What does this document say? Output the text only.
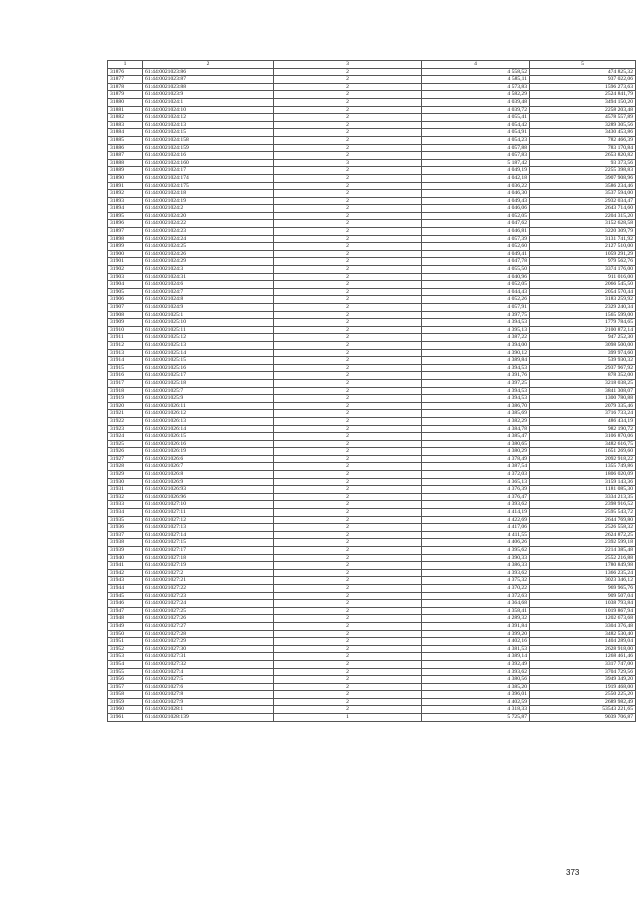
1	2	3	4	5
31876	61:44:0021023:86	2	4 558,52	474 825,32
31877	61:44:0021023:87	2	4 585,11	937 022,06
31878	61:44:0021023:88	2	4 573,83	1596 273,63
31879	61:44:0021023:9	2	4 582,29	2524 841,79
31880	61:44:0021024:1	2	4 039,48	3494 150,20
31881	61:44:0021024:10	2	4 039,72	2258 203,48
31882	61:44:0021024:12	2	4 055,41	4578 557,89
31883	61:44:0021024:13	2	4 054,42	3289 305,56
31884	61:44:0021024:15	2	4 054,91	3430 453,86
31885	61:44:0021024:158	2	4 054,23	782 466,39
31886	61:44:0021024:159	2	4 057,88	783 170,84
31887	61:44:0021024:16	2	4 057,83	2653 820,82
31888	61:44:0021024:160	3	5 187,42	93 373,56
31889	61:44:0021024:17	2	4 049,19	2255 398,83
31890	61:44:0021024:174	2	4 042,18	3907 908,96
31891	61:44:0021024:175	2	4 036,22	3586 234,46
31892	61:44:0021024:18	2	4 046,30	3537 594,00
31893	61:44:0021024:19	2	4 049,43	2932 034,47
31894	61:44:0021024:2	2	4 046,06	2643 714,60
31895	61:44:0021024:20	2	4 052,05	2204 315,20
31896	61:44:0021024:22	2	4 047,62	3152 628,58
31897	61:44:0021024:23	2	4 046,81	3220 309,79
31898	61:44:0021024:24	2	4 057,39	3131 741,92
31899	61:44:0021024:25	2	4 052,60	2127 510,00
31900	61:44:0021024:26	2	4 049,41	1059 291,29
31901	61:44:0021024:29	2	4 047,78	979 562,76
31902	61:44:0021024:3	2	4 055,50	3374 176,00
31903	61:44:0021024:31	2	4 040,96	911 016,00
31904	61:44:0021024:6	2	4 052,05	2066 545,50
31905	61:44:0021024:7	2	4 044,43	2054 570,44
31906	61:44:0021024:8	2	4 052,26	3183 259,92
31907	61:44:0021024:9	2	4 057,91	2329 240,34
31908	61:44:0021025:1	2	4 397,75	1565 599,00
31909	61:44:0021025:10	2	4 394,53	1779 784,65
31910	61:44:0021025:11	2	4 395,13	2100 872,14
31911	61:44:0021025:12	2	4 387,22	947 252,30
31912	61:44:0021025:13	2	4 394,00	3098 500,00
31913	61:44:0021025:14	2	4 390,12	399 974,60
31914	61:44:0021025:15	2	4 389,84	539 930,32
31915	61:44:0021025:16	2	4 394,53	2937 967,92
31916	61:44:0021025:17	2	4 391,76	878 352,00
31917	61:44:0021025:18	2	4 397,25	3218 038,25
31918	61:44:0021025:7	2	4 394,53	3841 308,07
31919	61:44:0021025:9	2	4 394,53	1300 780,88
31920	61:44:0021026:11	2	4 386,70	2079 335,46
31921	61:44:0021026:12	2	4 385,69	3716 733,24
31922	61:44:0021026:13	2	4 382,29	486 434,19
31923	61:44:0021026:14	2	4 384,78	982 190,72
31924	61:44:0021026:15	2	4 385,47	3106 870,06
31925	61:44:0021026:16	2	4 380,65	3482 616,75
31926	61:44:0021026:19	2	4 380,29	1651 269,60
31927	61:44:0021026:6	2	4 378,49	2092 918,22
31928	61:44:0021026:7	2	4 387,54	1355 749,86
31929	61:44:0021026:8	2	4 372,03	1806 020,09
31930	61:44:0021026:9	2	4 365,13	3159 143,36
31931	61:44:0021026:93	2	4 376,39	1181 085,30
31932	61:44:0021026:96	2	4 376,47	3334 213,35
31933	61:44:0021027:10	2	4 393,62	2398 916,52
31934	61:44:0021027:11	2	4 414,19	2595 543,72
31935	61:44:0021027:12	2	4 422,69	2644 769,80
31936	61:44:0021027:13	2	4 417,06	2526 558,32
31937	61:44:0021027:14	2	4 411,55	2624 872,25
31938	61:44:0021027:15	2	4 406,26	2392 599,18
31939	61:44:0021027:17	2	4 395,62	2214 385,48
31940	61:44:0021027:18	2	4 390,33	2552 216,88
31941	61:44:0021027:19	2	4 386,33	1780 849,98
31942	61:44:0021027:2	2	4 393,62	1366 235,24
31943	61:44:0021027:21	2	4 375,32	3023 346,12
31944	61:44:0021027:22	2	4 370,22	969 965,76
31945	61:44:0021027:23	2	4 372,63	909 507,04
31946	61:44:0021027:24	2	4 364,68	1038 793,84
31947	61:44:0021027:25	2	4 358,41	1019 867,94
31948	61:44:0021027:26	2	4 289,32	1202 673,68
31949	61:44:0021027:27	2	4 391,84	3304 376,48
31950	61:44:0021027:28	2	4 399,20	3482 530,40
31951	61:44:0021027:29	2	4 402,16	1404 289,04
31952	61:44:0021027:30	2	4 381,53	2628 918,00
31953	61:44:0021027:31	2	4 389,14	1268 461,46
31954	61:44:0021027:32	2	4 392,49	3317 747,00
31955	61:44:0021027:4	2	4 393,62	3704 729,56
31956	61:44:0021027:5	2	4 380,56	3949 349,20
31957	61:44:0021027:6	2	4 385,20	1919 468,00
31958	61:44:0021027:8	2	4 396,01	2550 225,20
31959	61:44:0021027:9	2	4 402,59	2689 982,49
31960	61:44:0021028:1	2	4 318,33	53543 221,65
31961	61:44:0021028:139	1	5 725,87	9039 706,87
373
